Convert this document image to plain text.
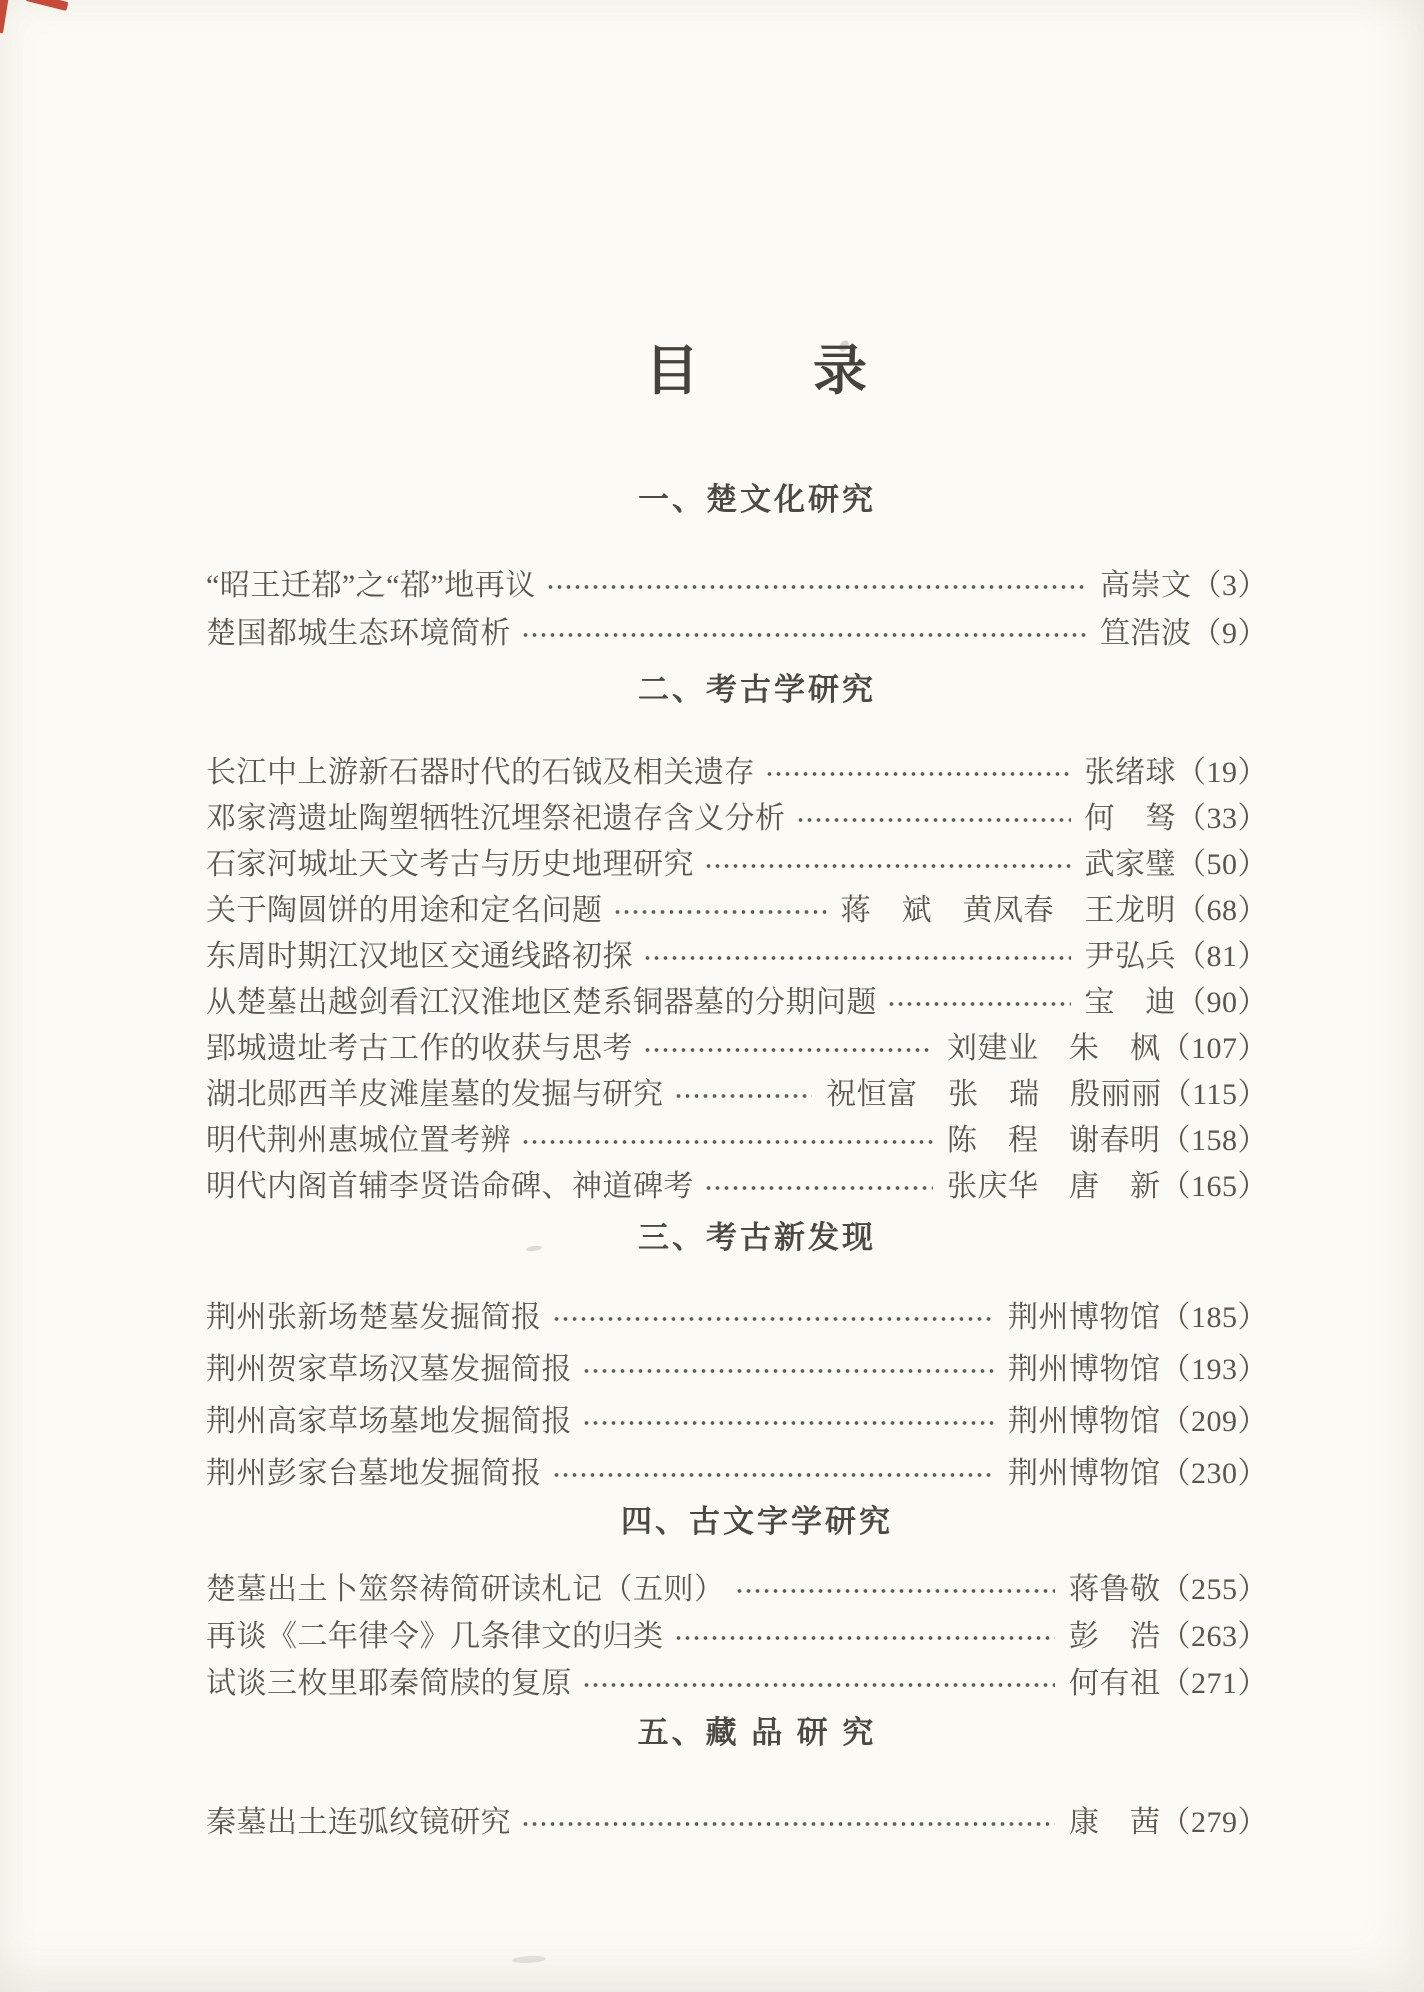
目　　录
一、楚文化研究
“昭王迁鄀”之“鄀”地再议	高崇文（3）
楚国都城生态环境简析	笪浩波（9）
二、考古学研究
长江中上游新石器时代的石钺及相关遗存	张绪球（19）
邓家湾遗址陶塑牺牲沉埋祭祀遗存含义分析	何　驽（33）
石家河城址天文考古与历史地理研究	武家璧（50）
关于陶圆饼的用途和定名问题	蒋　斌　黄凤春　王龙明（68）
东周时期江汉地区交通线路初探	尹弘兵（81）
从楚墓出越剑看江汉淮地区楚系铜器墓的分期问题	宝　迪（90）
郢城遗址考古工作的收获与思考	刘建业　朱　枫（107）
湖北郧西羊皮滩崖墓的发掘与研究	祝恒富　张　瑞　殷丽丽（115）
明代荆州惠城位置考辨	陈　程　谢春明（158）
明代内阁首辅李贤诰命碑、神道碑考	张庆华　唐　新（165）
三、考古新发现
荆州张新场楚墓发掘简报	荆州博物馆（185）
荆州贺家草场汉墓发掘简报	荆州博物馆（193）
荆州高家草场墓地发掘简报	荆州博物馆（209）
荆州彭家台墓地发掘简报	荆州博物馆（230）
四、古文字学研究
楚墓出土卜筮祭祷简研读札记（五则）	蒋鲁敬（255）
再谈《二年律令》几条律文的归类	彭　浩（263）
试谈三枚里耶秦简牍的复原	何有祖（271）
五、藏 品 研 究
秦墓出土连弧纹镜研究	康　茜（279）
